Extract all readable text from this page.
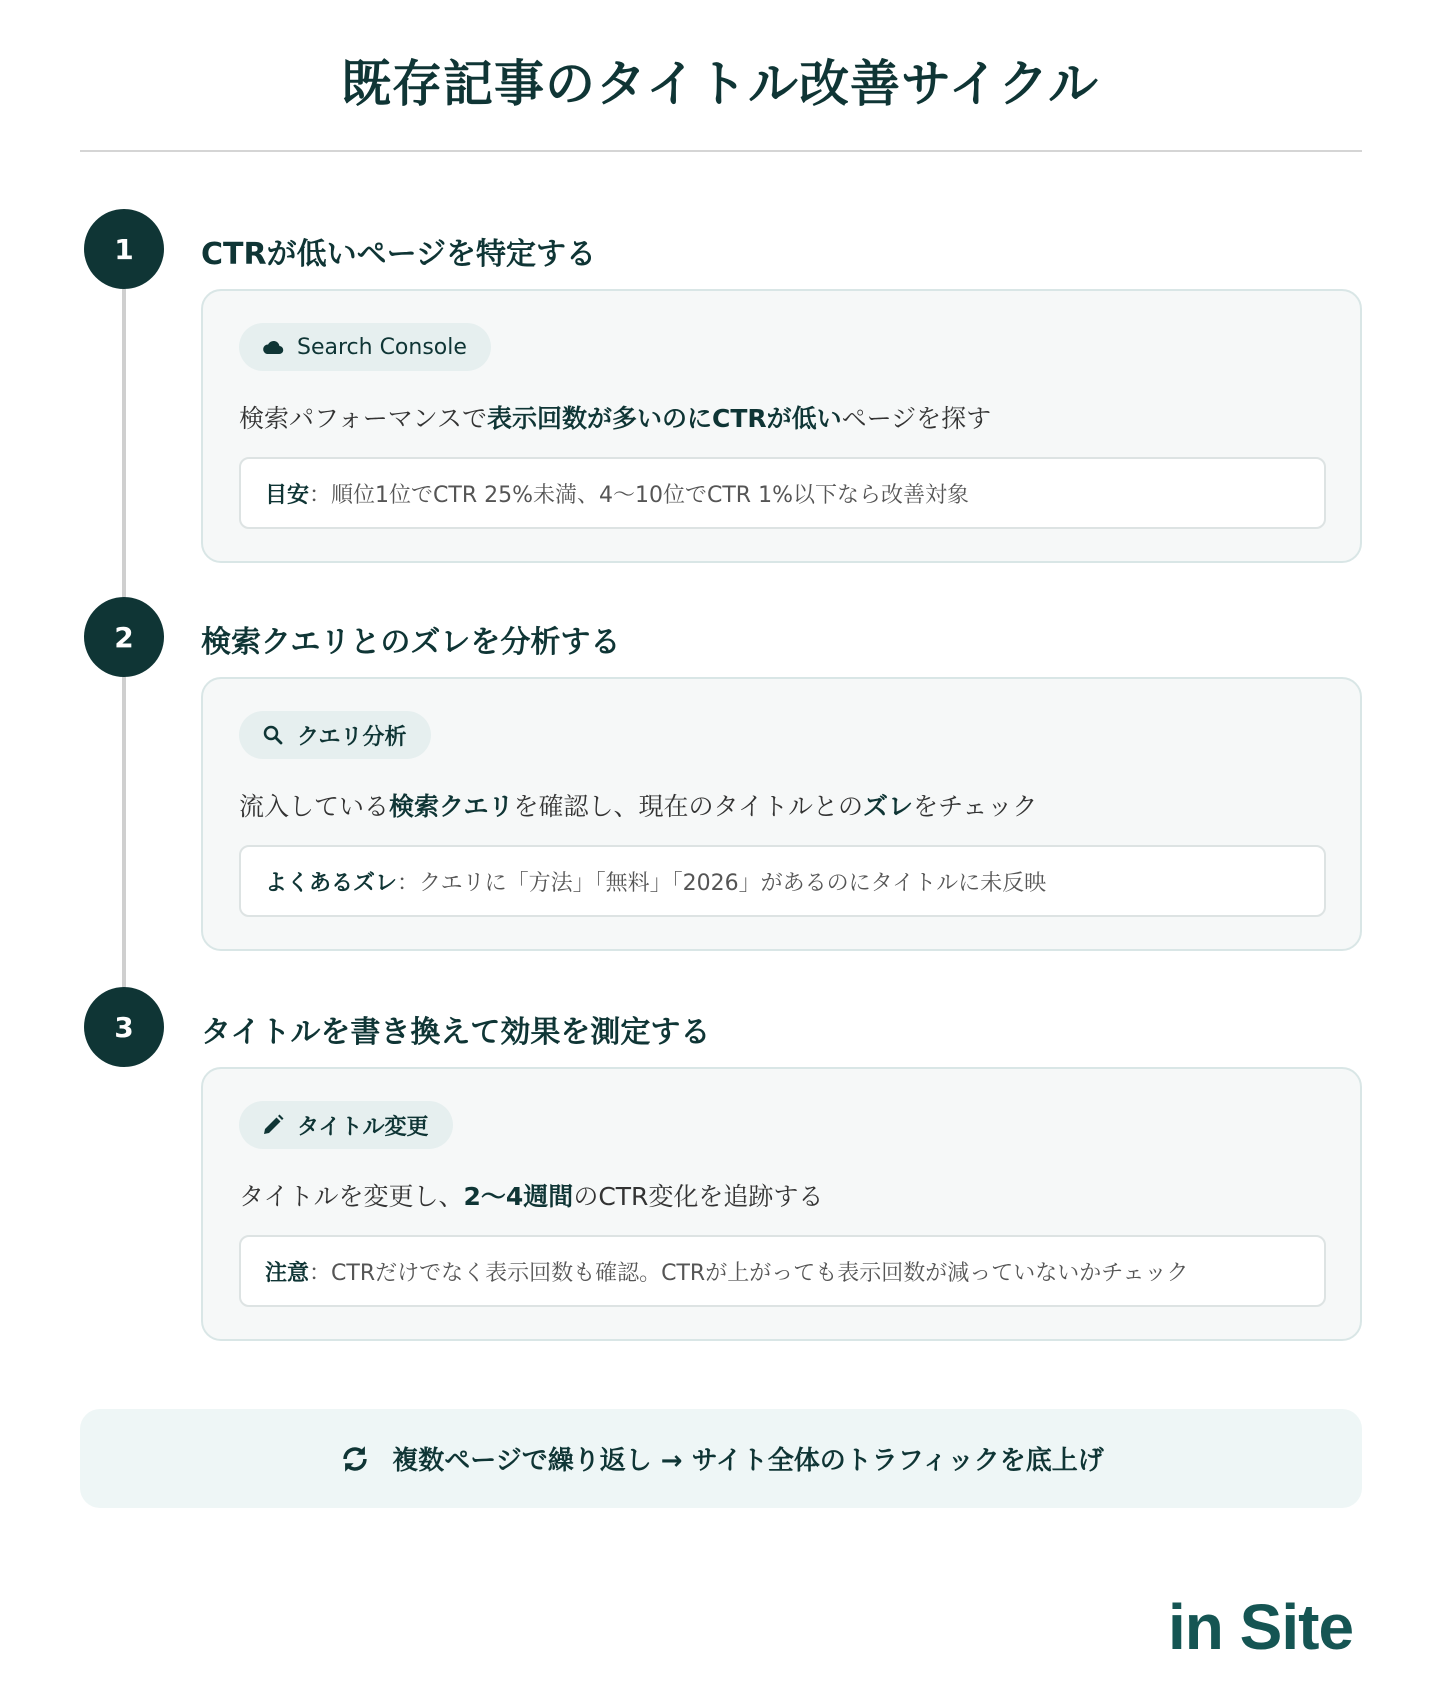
既存記事のタイトル改善サイクル
1	CTRが低いページを特定する
Search Console
検索パフォーマンスで表示回数が多いのにCTRが低いページを探す
目安 ： 順位1位でCTR 25%未満、4〜10位でCTR 1%以下なら改善対象
2	検索クエリとのズレを分析する
クエリ分析
流入している検索クエリを確認し、現在のタイトルとのズレをチェック
よくあるズレ ： クエリに「方法」「無料」「2026」があるのにタイトルに未反映
3	タイトルを書き換えて効果を測定する
タイトル変更
タイトルを変更し、2〜4週間のCTR変化を追跡する
注意 ： CTRだけでなく表示回数も確認。CTRが上がっても表示回数が減っていないかチェック
複数ページで繰り返し → サイト全体のトラフィックを底上げ
in Site
